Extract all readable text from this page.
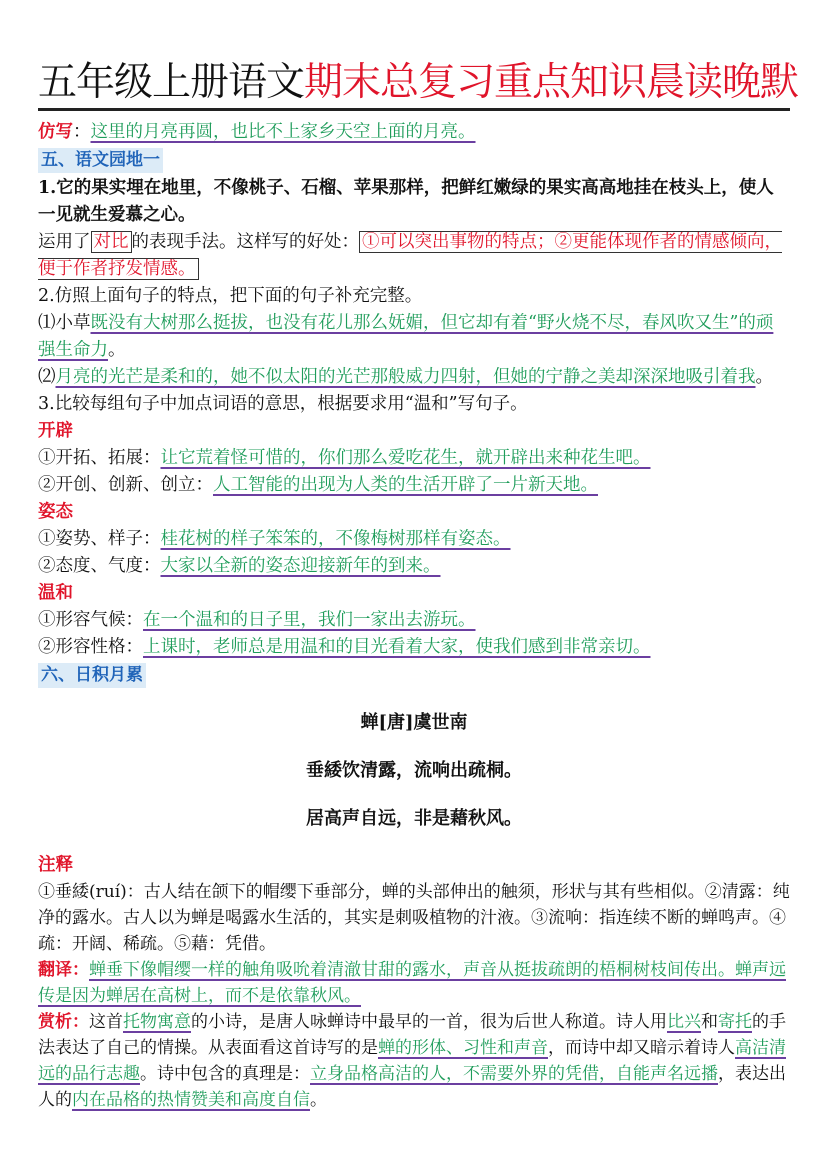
五年级上册语文期末总复习重点知识晨读晚默

仿写：这里的月亮再圆，也比不上家乡天空上面的月亮。

五、语文园地一

1.它的果实埋在地里，不像桃子、石榴、苹果那样，把鲜红嫩绿的果实高高地挂在枝头上，使人一见就生爱慕之心。

运用了 对比 的表现手法。这样写的好处： ①可以突出事物的特点；②更能体现作者的情感倾向，便于作者抒发情感。

2.仿照上面句子的特点，把下面的句子补充完整。

⑴小草既没有大树那么挺拔，也没有花儿那么妩媚，但它却有着“野火烧不尽，春风吹又生”的顽强生命力。

⑵月亮的光芒是柔和的，她不似太阳的光芒那般威力四射，但她的宁静之美却深深地吸引着我。

3.比较每组句子中加点词语的意思，根据要求用“温和”写句子。

开辟

①开拓、拓展：让它荒着怪可惜的，你们那么爱吃花生，就开辟出来种花生吧。

②开创、创新、创立：人工智能的出现为人类的生活开辟了一片新天地。

姿态

①姿势、样子：桂花树的样子笨笨的，不像梅树那样有姿态。

②态度、气度：大家以全新的姿态迎接新年的到来。

温和

①形容气候：在一个温和的日子里，我们一家出去游玩。

②形容性格：上课时，老师总是用温和的目光看着大家，使我们感到非常亲切。

六、日积月累

蝉[唐]虞世南

垂緌饮清露，流响出疏桐。

居高声自远，非是藉秋风。

注释

①垂緌(ruí)：古人结在颌下的帽缨下垂部分，蝉的头部伸出的触须，形状与其有些相似。②清露：纯净的露水。古人以为蝉是喝露水生活的，其实是刺吸植物的汁液。③流响：指连续不断的蝉鸣声。④疏：开阔、稀疏。⑤藉：凭借。

翻译：蝉垂下像帽缨一样的触角吸吮着清澈甘甜的露水，声音从挺拔疏朗的梧桐树枝间传出。蝉声远传是因为蝉居在高树上，而不是依靠秋风。

赏析：这首托物寓意的小诗，是唐人咏蝉诗中最早的一首，很为后世人称道。诗人用比兴和寄托的手法表达了自己的情操。从表面看这首诗写的是蝉的形体、习性和声音，而诗中却又暗示着诗人高洁清远的品行志趣。诗中包含的真理是：立身品格高洁的人，不需要外界的凭借，自能声名远播，表达出人的内在品格的热情赞美和高度自信。
